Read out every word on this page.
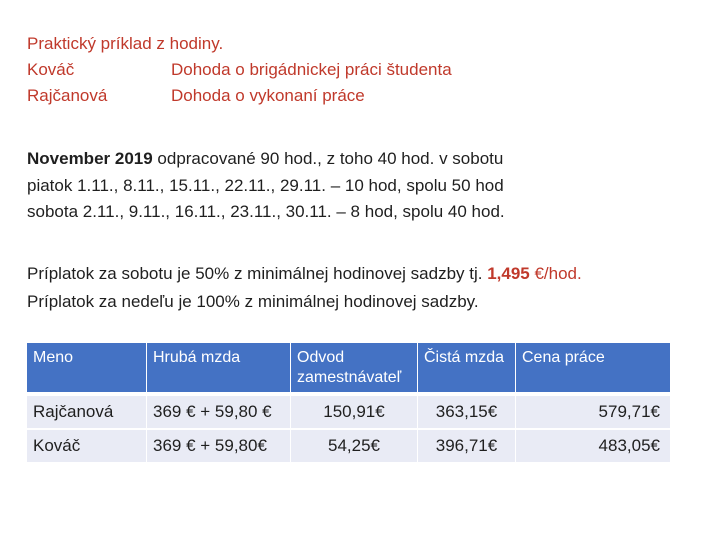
Praktický príklad z hodiny.
Kováč	Dohoda o brigádnickej práci študenta
Rajčanová	Dohoda o vykonaní práce
November 2019 odpracované 90 hod., z toho 40 hod. v sobotu
piatok 1.11., 8.11., 15.11., 22.11., 29.11. – 10 hod, spolu 50 hod
sobota 2.11., 9.11., 16.11., 23.11., 30.11. – 8 hod, spolu 40 hod.
Príplatok za sobotu je 50% z minimálnej hodinovej sadzby tj. 1,495 €/hod.
Príplatok za nedeľu je 100% z minimálnej hodinovej sadzby.
Meno	Hrubá mzda	Odvod zamestnávateľ	Čistá mzda	Cena práce
Rajčanová	369 € + 59,80 €	150,91€	363,15€	579,71€
Kováč	369 € + 59,80€	54,25€	396,71€	483,05€
